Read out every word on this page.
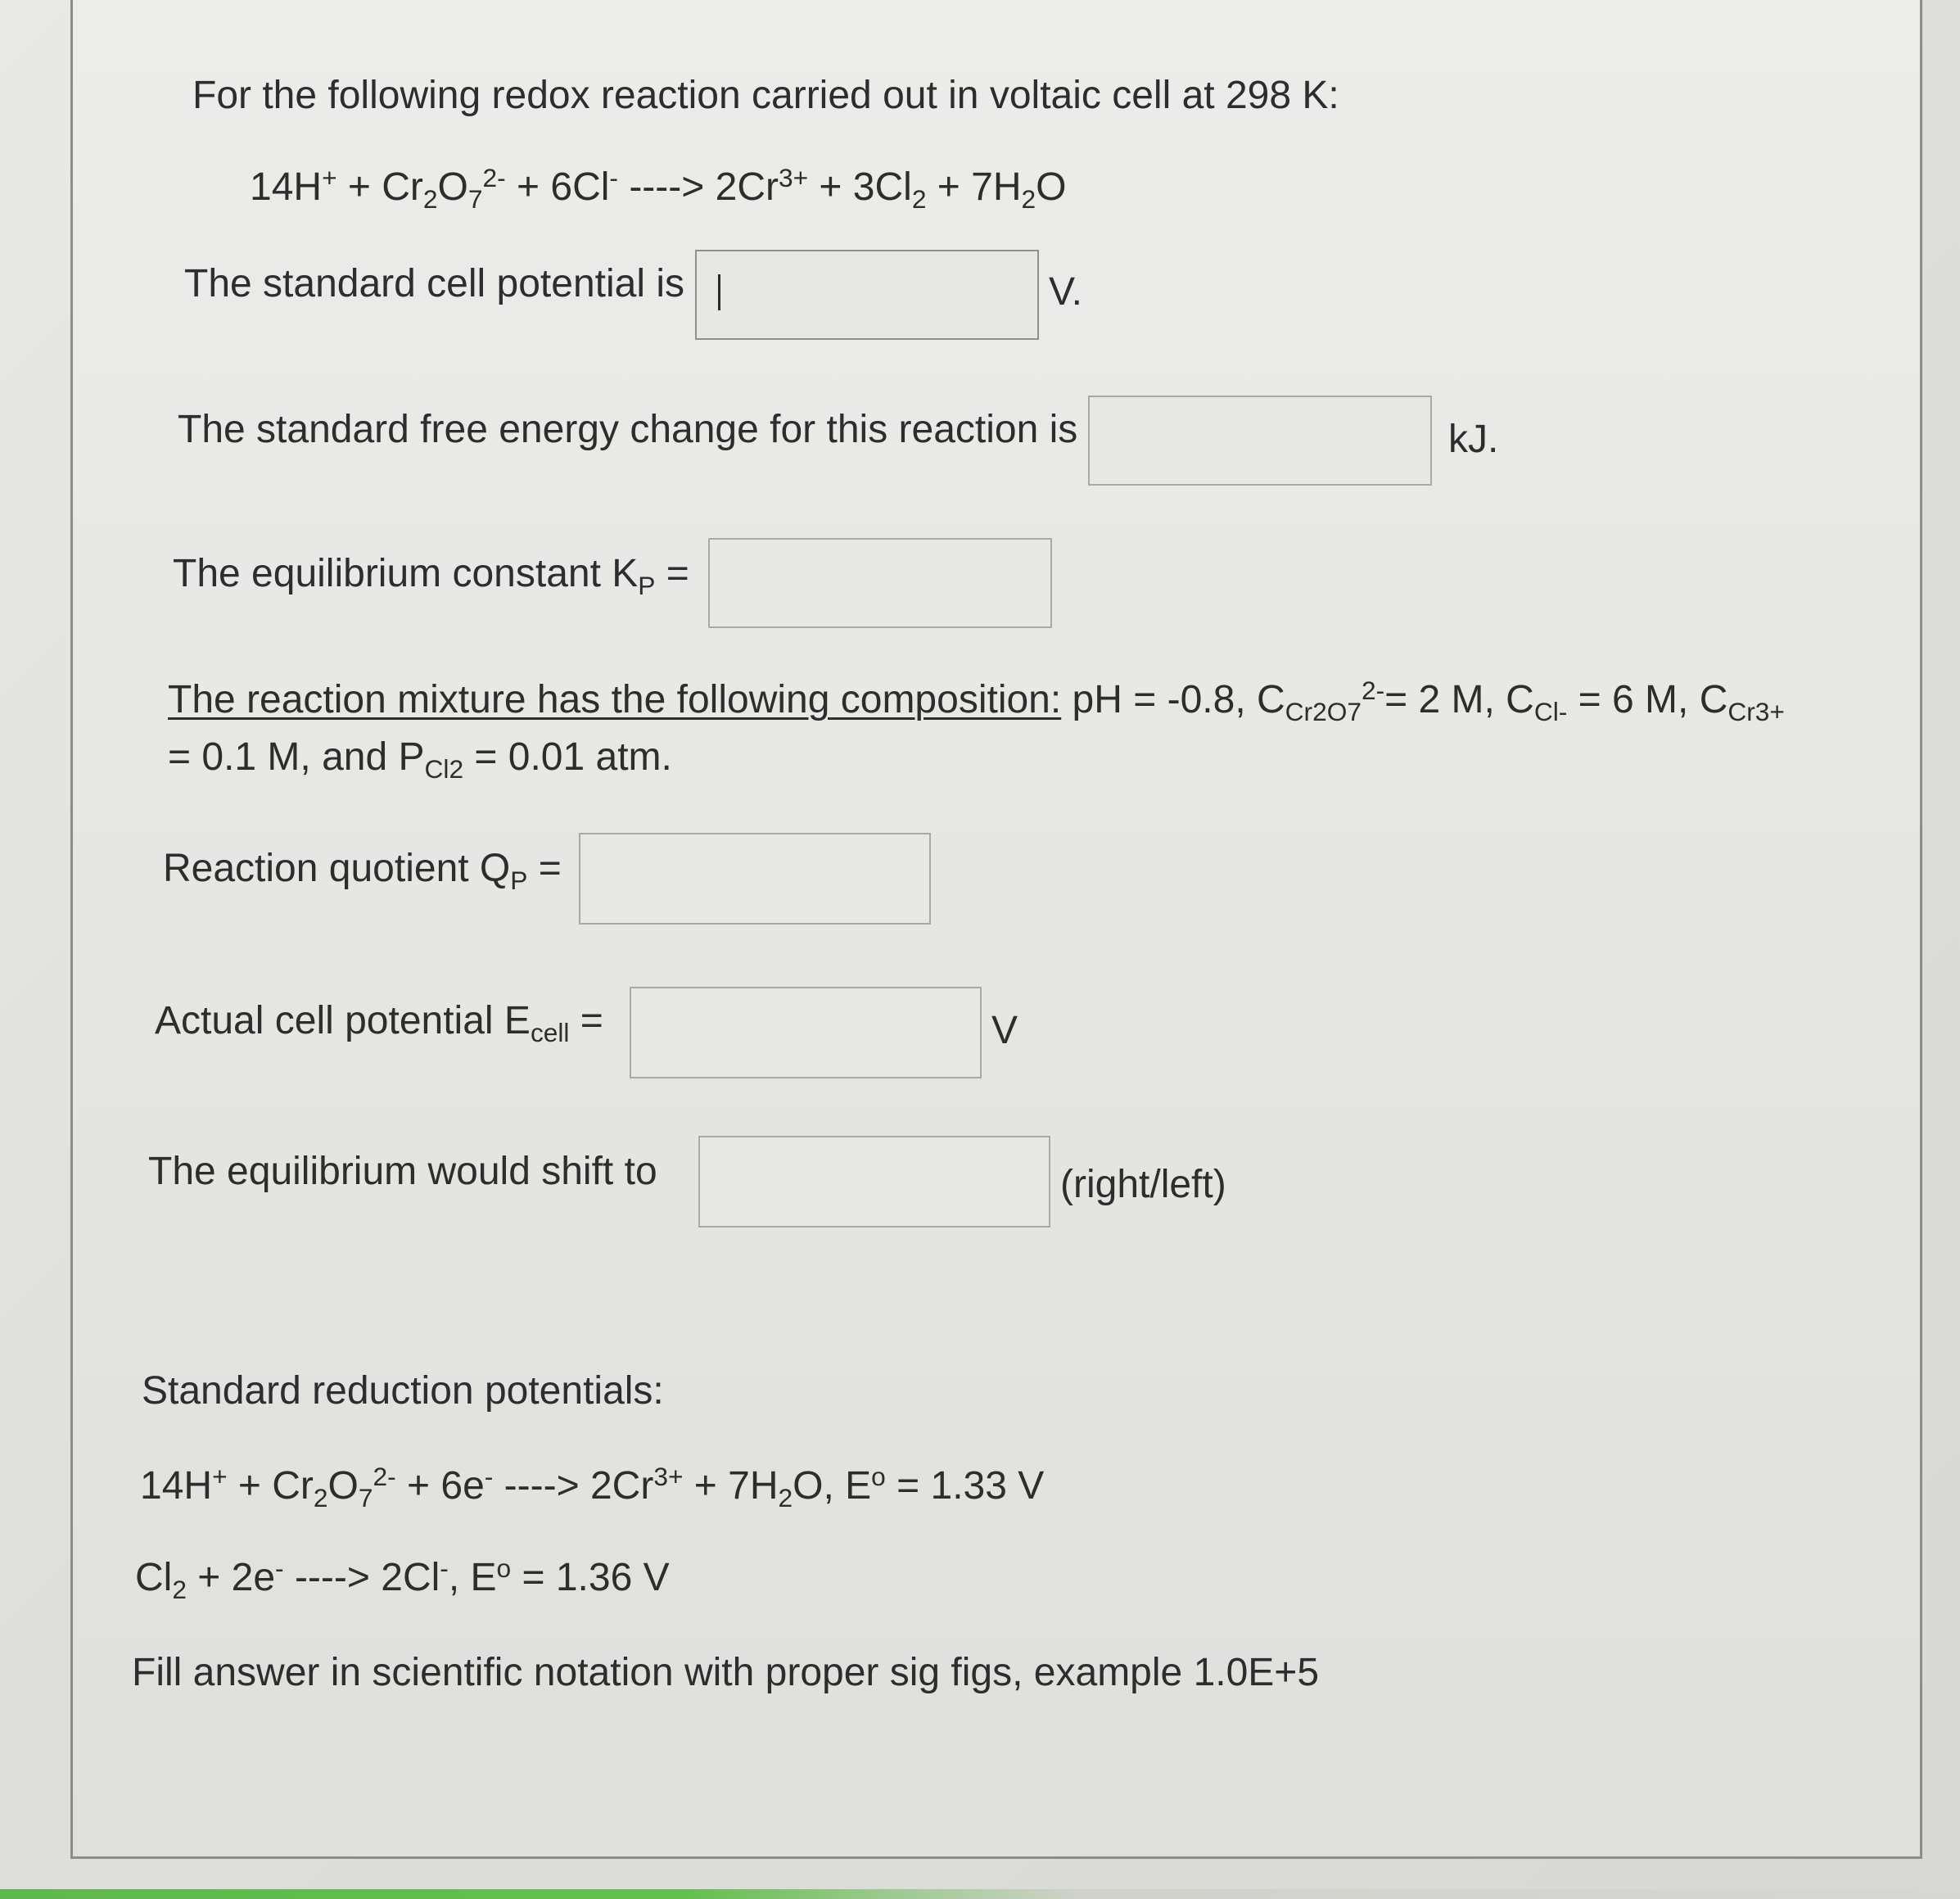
For the following redox reaction carried out in voltaic cell at 298 K:
$14H^+ + Cr_2O_7^{2-} + 6Cl^-$ ----> $2Cr^{3+} + 3Cl_2 + 7H_2O$
The standard cell potential is	V.
The standard free energy change for this reaction is	kJ.
The equilibrium constant $K_P$ =
The reaction mixture has the following composition: pH = -0.8, $C_{Cr2O7}^{2-}= 2$ M, $C_{Cl-} = 6$ M, $C_{Cr3+}$
= 0.1 M, and $P_{Cl2} = 0.01$ atm.
Reaction quotient $Q_P$ =
Actual cell potential $E_{cell}$ =	V
The equilibrium would shift to	(right/left)
Standard reduction potentials:
$14H^+ + Cr_2O_7^{2-} + 6e^-$ ----> $2Cr^{3+} + 7H_2O$, $E^o = 1.33$ V
$Cl_2 + 2e^-$ ----> 2Cl-, $E^o = 1.36$ V
Fill answer in scientific notation with proper sig figs, example 1.0E+5
